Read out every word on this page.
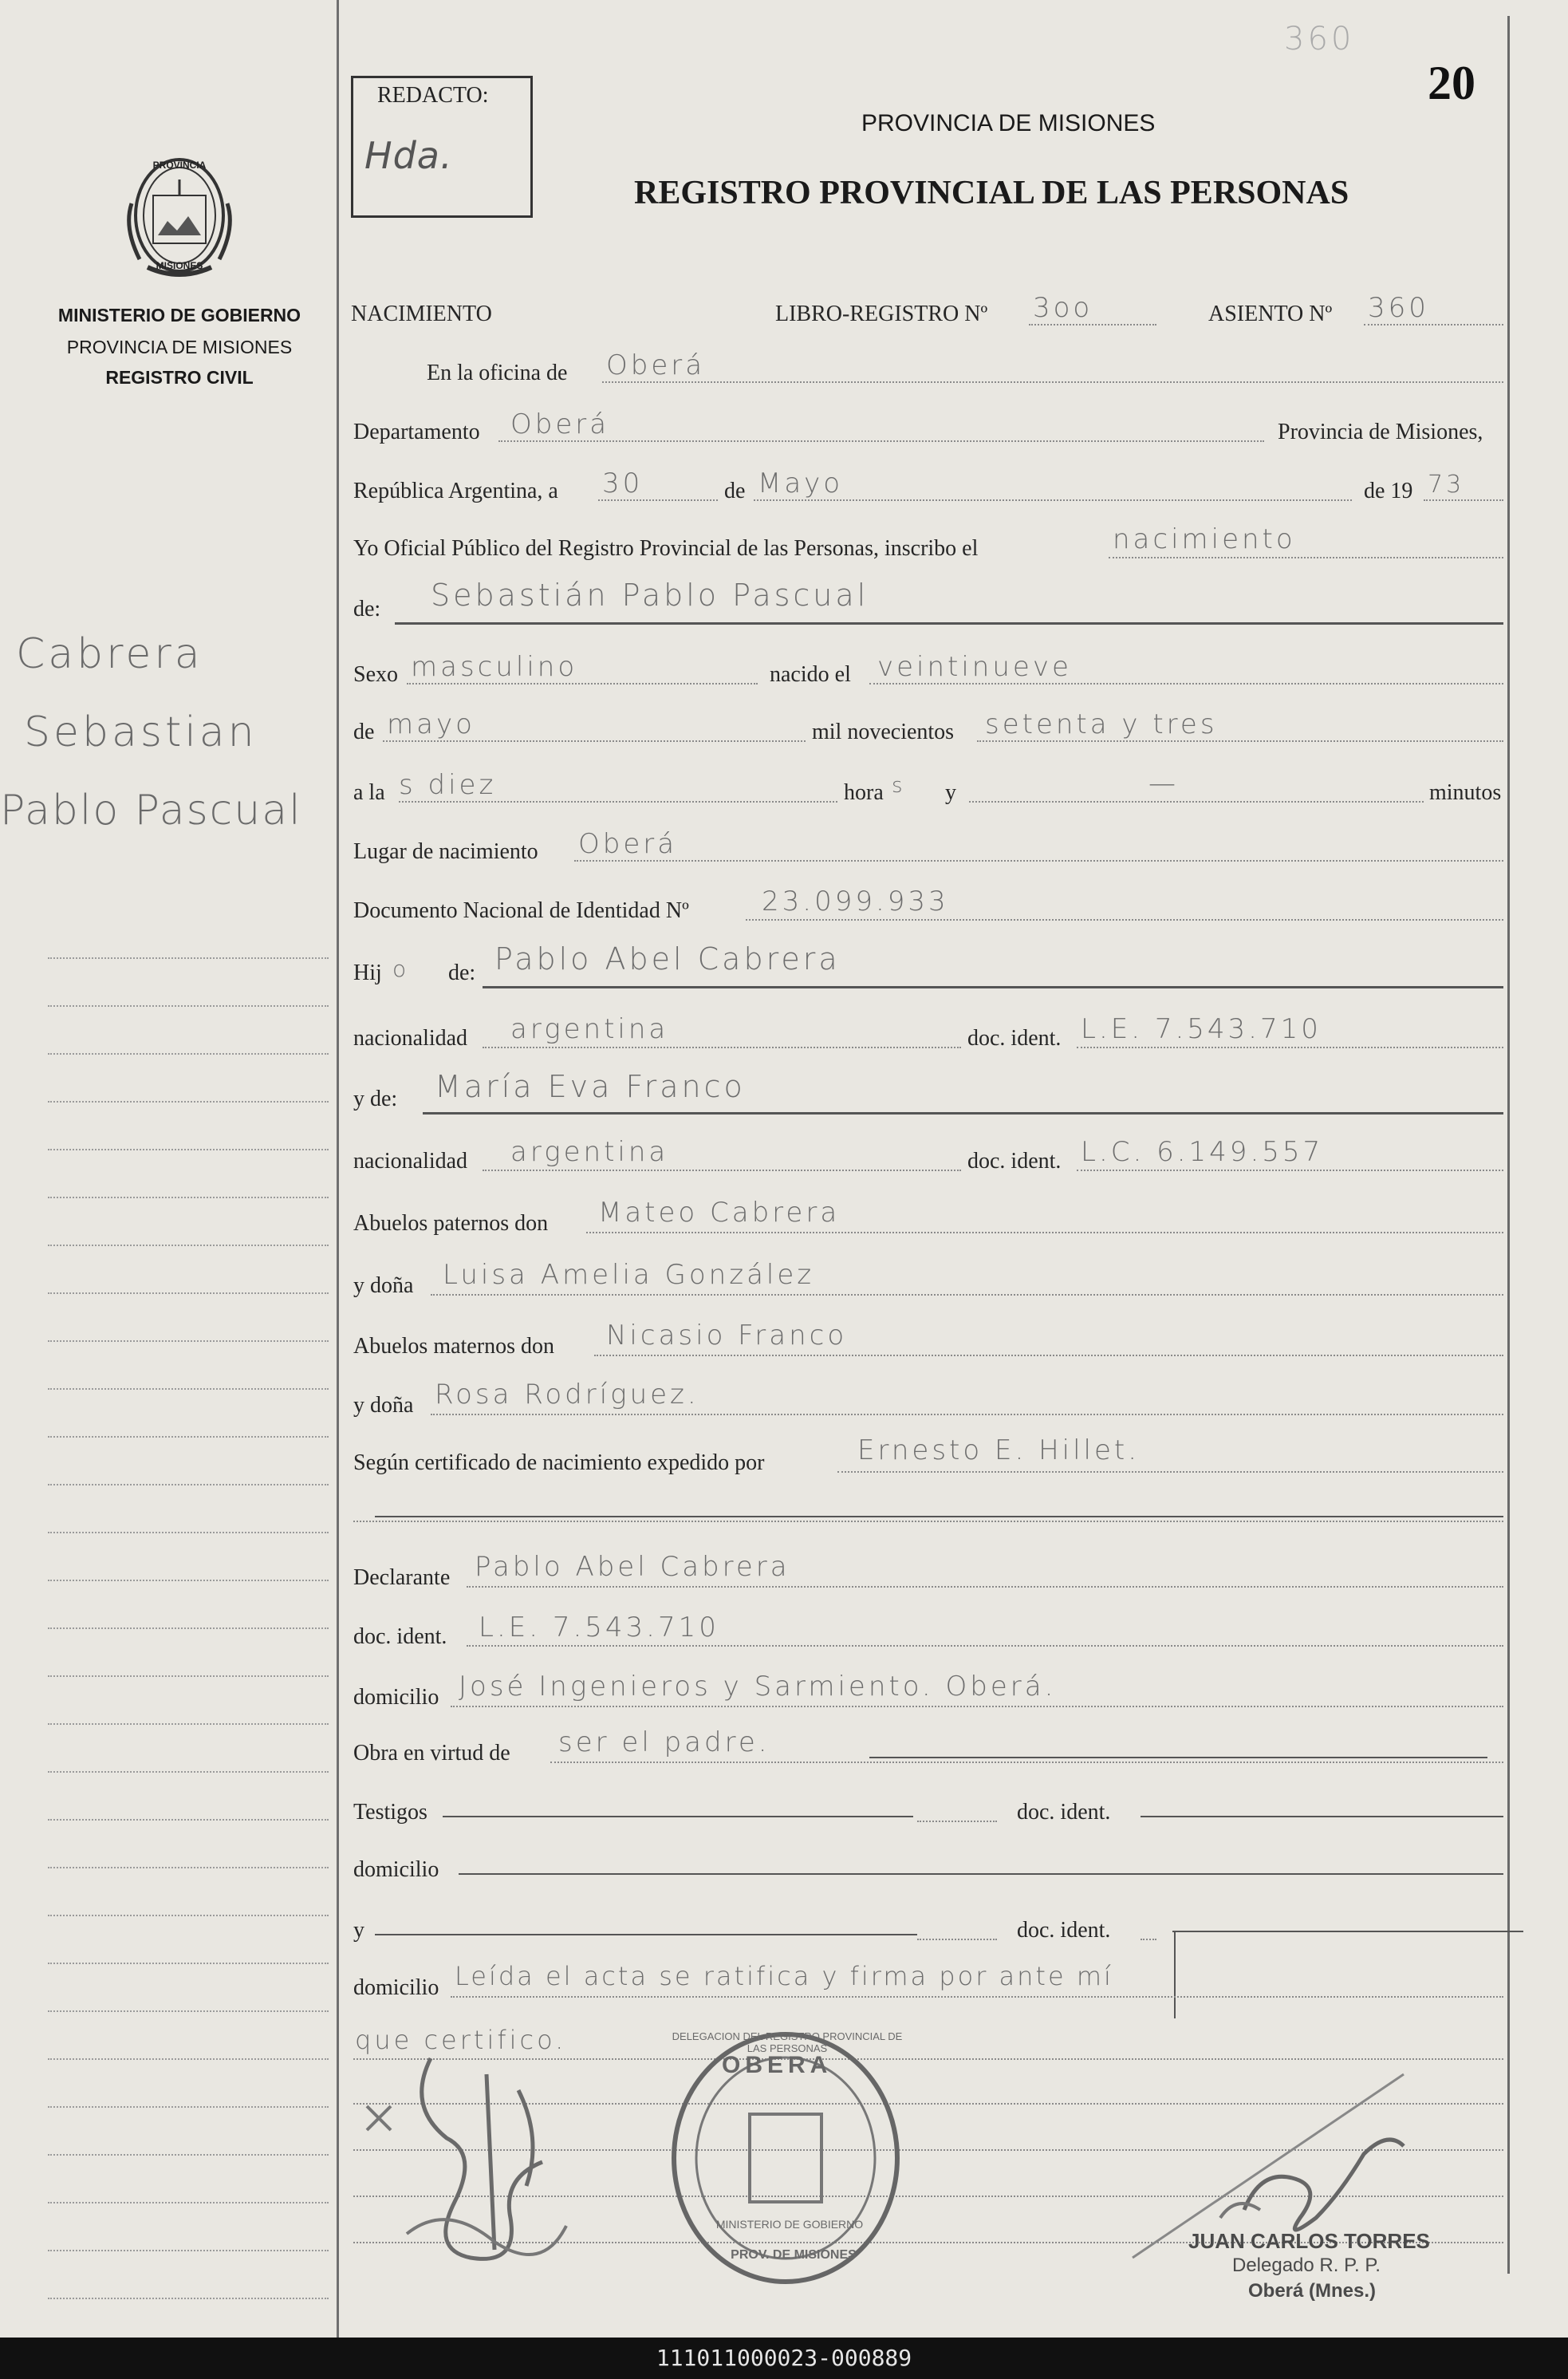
PROVINCIA
MISIONES
MINISTERIO DE GOBIERNO
PROVINCIA DE MISIONES
REGISTRO CIVIL
Cabrera
Sebastian
Pablo Pascual
REDACTO:
Hda.
360
20
PROVINCIA DE MISIONES
REGISTRO PROVINCIAL DE LAS PERSONAS
NACIMIENTO	LIBRO-REGISTRO Nº 3oo	ASIENTO Nº 360
En la oficina de Oberá
Departamento Oberá	Provincia de Misiones,
República Argentina, a 30	de Mayo	de 19 73
Yo Oficial Público del Registro Provincial de las Personas, inscribo el	nacimiento
de: Sebastián Pablo Pascual
Sexo masculino	nacido el veintinueve
de mayo	mil novecientos setenta y tres
a la s diez	hora s y	—	minutos
Lugar de nacimiento Oberá
Documento Nacional de Identidad Nº	23.099.933
Hij o de: Pablo Abel Cabrera
nacionalidad argentina	doc. ident. L.E. 7.543.710
y de: María Eva Franco
nacionalidad argentina	doc. ident. L.C. 6.149.557
Abuelos paternos don Mateo Cabrera
y doña Luisa Amelia González
Abuelos maternos don Nicasio Franco
y doña Rosa Rodríguez.
Según certificado de nacimiento expedido por	Ernesto E. Hillet.
Declarante Pablo Abel Cabrera
doc. ident. L.E. 7.543.710
domicilio José Ingenieros y Sarmiento. Oberá.
Obra en virtud de ser el padre.
Testigos	doc. ident.
domicilio
y	doc. ident.
domicilio Leída el acta se ratifica y firma por ante mí
que certifico.
OBERA
DELEGACION DEL REGISTRO PROVINCIAL DE LAS PERSONAS
MINISTERIO DE GOBIERNO
PROV. DE MISIONES
JUAN CARLOS TORRES
Delegado R. P. P.
Oberá (Mnes.)
111011000023-000889
